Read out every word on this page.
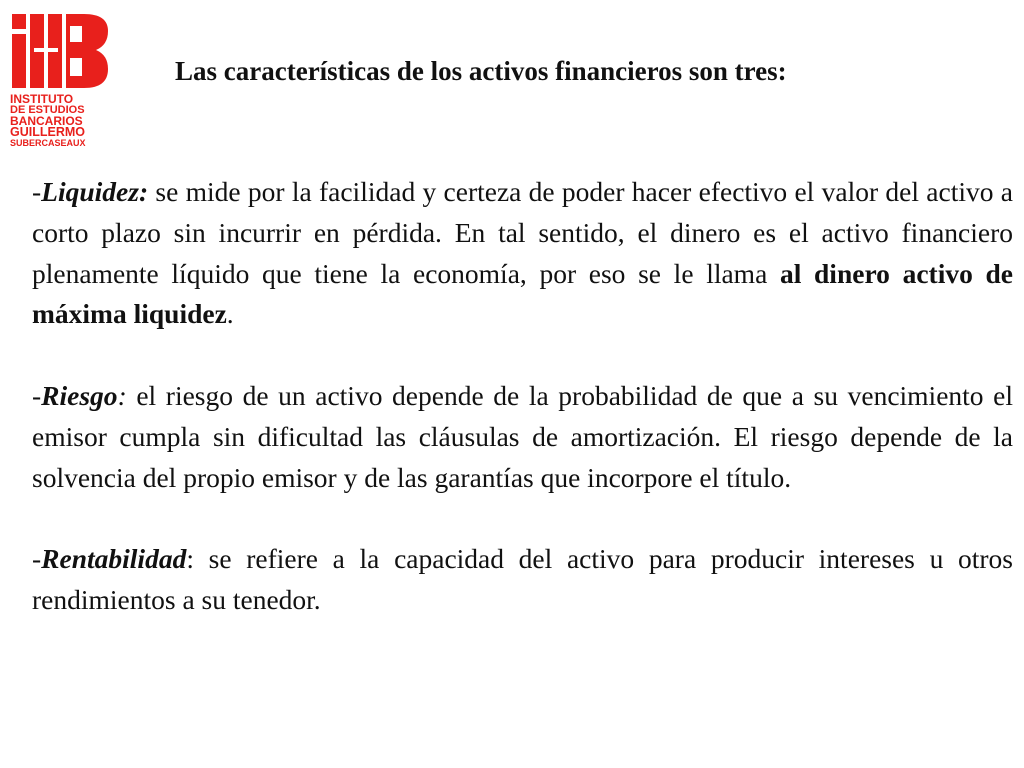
INSTITUTO
DE ESTUDIOS
BANCARIOS
GUILLERMO
SUBERCASEAUX
Las características de los activos financieros son tres:

-Liquidez: se mide por la facilidad y certeza de poder hacer efectivo el valor del activo a corto plazo sin incurrir en pérdida. En tal sentido, el dinero es el activo financiero plenamente líquido que tiene la economía, por eso se le llama al dinero activo de máxima liquidez.

-Riesgo: el riesgo de un activo depende de la probabilidad de que a su vencimiento el emisor cumpla sin dificultad las cláusulas de amortización. El riesgo depende de la solvencia del propio emisor y de las garantías que incorpore el título.

-Rentabilidad: se refiere a la capacidad del activo para producir intereses u otros rendimientos a su tenedor.
